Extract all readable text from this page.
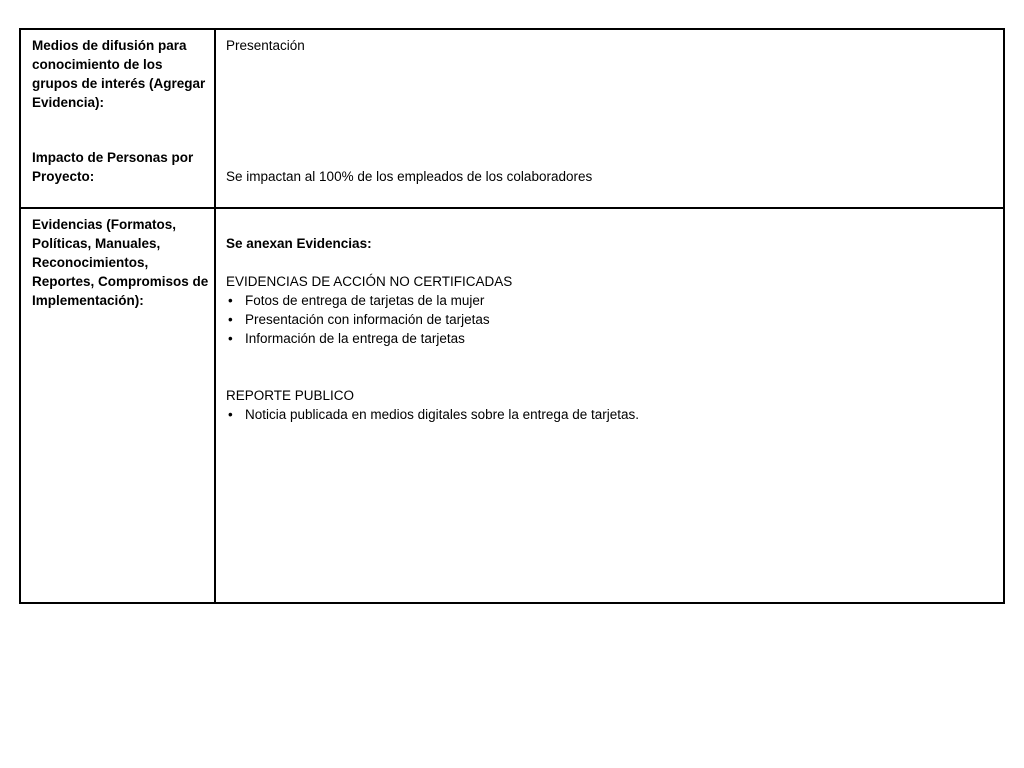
Medios de difusión para conocimiento de los grupos de interés (Agregar Evidencia):

Impacto de Personas por Proyecto:

Presentación

Se impactan al 100% de los empleados de los colaboradores

Evidencias (Formatos, Políticas, Manuales, Reconocimientos, Reportes, Compromisos de Implementación):

Se anexan Evidencias:

EVIDENCIAS DE ACCIÓN NO CERTIFICADAS

• Fotos de entrega de tarjetas de la mujer
• Presentación con información de tarjetas
• Información de la entrega de tarjetas

REPORTE PUBLICO

• Noticia publicada en medios digitales sobre la entrega de tarjetas.
